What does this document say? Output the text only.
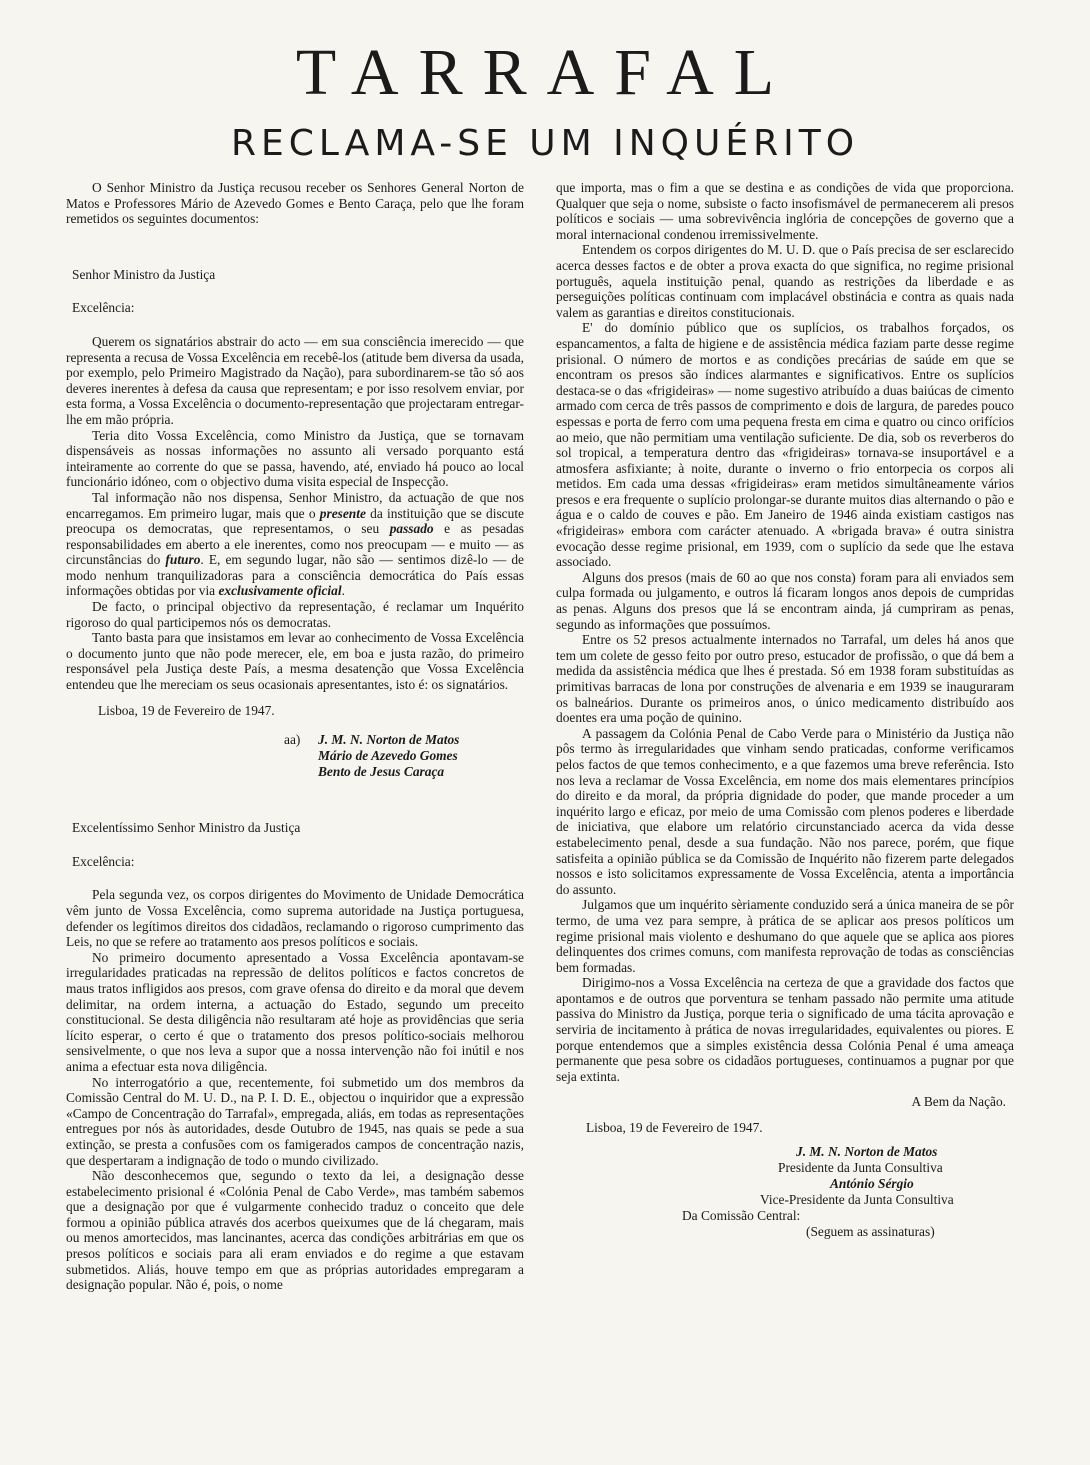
TARRAFAL
RECLAMA-SE UM INQUÉRITO

O Senhor Ministro da Justiça recusou receber os Senhores General Norton de Matos e Professores Mário de Azevedo Gomes e Bento Caraça, pelo que lhe foram remetidos os seguintes documentos:

Senhor Ministro da Justiça

Excelência:

Querem os signatários abstrair do acto — em sua consciência imerecido — que representa a recusa de Vossa Excelência em recebê-los (atitude bem diversa da usada, por exemplo, pelo Primeiro Magistrado da Nação), para subordinarem-se tão só aos deveres inerentes à defesa da causa que representam; e por isso resolvem enviar, por esta forma, a Vossa Excelência o documento-representação que projectaram entregar-lhe em mão própria.

Teria dito Vossa Excelência, como Ministro da Justiça, que se tornavam dispensáveis as nossas informações no assunto ali versado porquanto está inteiramente ao corrente do que se passa, havendo, até, enviado há pouco ao local funcionário idóneo, com o objectivo duma visita especial de Inspecção.

Tal informação não nos dispensa, Senhor Ministro, da actuação de que nos encarregamos. Em primeiro lugar, mais que o presente da instituição que se discute preocupa os democratas, que representamos, o seu passado e as pesadas responsabilidades em aberto a ele inerentes, como nos preocupam — e muito — as circunstâncias do futuro. E, em segundo lugar, não são — sentimos dizê-lo — de modo nenhum tranquilizadoras para a consciência democrática do País essas informações obtidas por via exclusivamente oficial.

De facto, o principal objectivo da representação, é reclamar um Inquérito rigoroso do qual participemos nós os democratas.

Tanto basta para que insistamos em levar ao conhecimento de Vossa Excelência o documento junto que não pode merecer, ele, em boa e justa razão, do primeiro responsável pela Justiça deste País, a mesma desatenção que Vossa Excelência entendeu que lhe mereciam os seus ocasionais apresentantes, isto é: os signatários.

Lisboa, 19 de Fevereiro de 1947.

aa)	J. M. N. Norton de Matos
Mário de Azevedo Gomes
Bento de Jesus Caraça

Excelentíssimo Senhor Ministro da Justiça

Excelência:

Pela segunda vez, os corpos dirigentes do Movimento de Unidade Democrática vêm junto de Vossa Excelência, como suprema autoridade na Justiça portuguesa, defender os legítimos direitos dos cidadãos, reclamando o rigoroso cumprimento das Leis, no que se refere ao tratamento aos presos políticos e sociais.

No primeiro documento apresentado a Vossa Excelência apontavam-se irregularidades praticadas na repressão de delitos políticos e factos concretos de maus tratos infligidos aos presos, com grave ofensa do direito e da moral que devem delimitar, na ordem interna, a actuação do Estado, segundo um preceito constitucional. Se desta diligência não resultaram até hoje as providências que seria lícito esperar, o certo é que o tratamento dos presos político-sociais melhorou sensivelmente, o que nos leva a supor que a nossa intervenção não foi inútil e nos anima a efectuar esta nova diligência.

No interrogatório a que, recentemente, foi submetido um dos membros da Comissão Central do M. U. D., na P. I. D. E., objectou o inquiridor que a expressão «Campo de Concentração do Tarrafal», empregada, aliás, em todas as representações entregues por nós às autoridades, desde Outubro de 1945, nas quais se pede a sua extinção, se presta a confusões com os famigerados campos de concentração nazis, que despertaram a indignação de todo o mundo civilizado.

Não desconhecemos que, segundo o texto da lei, a designação desse estabelecimento prisional é «Colónia Penal de Cabo Verde», mas também sabemos que a designação por que é vulgarmente conhecido traduz o conceito que dele formou a opinião pública através dos acerbos queixumes que de lá chegaram, mais ou menos amortecidos, mas lancinantes, acerca das condições arbitrárias em que os presos políticos e sociais para ali eram enviados e do regime a que estavam submetidos. Aliás, houve tempo em que as próprias autoridades empregaram a designação popular. Não é, pois, o nome

que importa, mas o fim a que se destina e as condições de vida que proporciona. Qualquer que seja o nome, subsiste o facto insofismável de permanecerem ali presos políticos e sociais — uma sobrevivência inglória de concepções de governo que a moral internacional condenou irremissivelmente.

Entendem os corpos dirigentes do M. U. D. que o País precisa de ser esclarecido acerca desses factos e de obter a prova exacta do que significa, no regime prisional português, aquela instituição penal, quando as restrições da liberdade e as perseguições políticas continuam com implacável obstinácia e contra as quais nada valem as garantias e direitos constitucionais.

E' do domínio público que os suplícios, os trabalhos forçados, os espancamentos, a falta de higiene e de assistência médica faziam parte desse regime prisional. O número de mortos e as condições precárias de saúde em que se encontram os presos são índices alarmantes e significativos. Entre os suplícios destaca-se o das «frigideiras» — nome sugestivo atribuído a duas baiúcas de cimento armado com cerca de três passos de comprimento e dois de largura, de paredes pouco espessas e porta de ferro com uma pequena fresta em cima e quatro ou cinco orifícios ao meio, que não permitiam uma ventilação suficiente. De dia, sob os reverberos do sol tropical, a temperatura dentro das «frigideiras» tornava-se insuportável e a atmosfera asfixiante; à noite, durante o inverno o frio entorpecia os corpos ali metidos. Em cada uma dessas «frigideiras» eram metidos simultâneamente vários presos e era frequente o suplício prolongar-se durante muitos dias alternando o pão e água e o caldo de couves e pão. Em Janeiro de 1946 ainda existiam castigos nas «frigideiras» embora com carácter atenuado. A «brigada brava» é outra sinistra evocação desse regime prisional, em 1939, com o suplício da sede que lhe estava associado.

Alguns dos presos (mais de 60 ao que nos consta) foram para ali enviados sem culpa formada ou julgamento, e outros lá ficaram longos anos depois de cumpridas as penas. Alguns dos presos que lá se encontram ainda, já cumpriram as penas, segundo as informações que possuímos.

Entre os 52 presos actualmente internados no Tarrafal, um deles há anos que tem um colete de gesso feito por outro preso, estucador de profissão, o que dá bem a medida da assistência médica que lhes é prestada. Só em 1938 foram substituídas as primitivas barracas de lona por construções de alvenaria e em 1939 se inauguraram os balneários. Durante os primeiros anos, o único medicamento distribuído aos doentes era uma poção de quinino.

A passagem da Colónia Penal de Cabo Verde para o Ministério da Justiça não pôs termo às irregularidades que vinham sendo praticadas, conforme verificamos pelos factos de que temos conhecimento, e a que fazemos uma breve referência. Isto nos leva a reclamar de Vossa Excelência, em nome dos mais elementares princípios do direito e da moral, da própria dignidade do poder, que mande proceder a um inquérito largo e eficaz, por meio de uma Comissão com plenos poderes e liberdade de iniciativa, que elabore um relatório circunstanciado acerca da vida desse estabelecimento penal, desde a sua fundação. Não nos parece, porém, que fique satisfeita a opinião pública se da Comissão de Inquérito não fizerem parte delegados nossos e isto solicitamos expressamente de Vossa Excelência, atenta a importância do assunto.

Julgamos que um inquérito sèriamente conduzido será a única maneira de se pôr termo, de uma vez para sempre, à prática de se aplicar aos presos políticos um regime prisional mais violento e deshumano do que aquele que se aplica aos piores delinquentes dos crimes comuns, com manifesta reprovação de todas as consciências bem formadas.

Dirigimo-nos a Vossa Excelência na certeza de que a gravidade dos factos que apontamos e de outros que porventura se tenham passado não permite uma atitude passiva do Ministro da Justiça, porque teria o significado de uma tácita aprovação e serviria de incitamento à prática de novas irregularidades, equivalentes ou piores. E porque entendemos que a simples existência dessa Colónia Penal é uma ameaça permanente que pesa sobre os cidadãos portugueses, continuamos a pugnar por que seja extinta.

A Bem da Nação.

Lisboa, 19 de Fevereiro de 1947.

J. M. N. Norton de Matos
Presidente da Junta Consultiva
António Sérgio
Vice-Presidente da Junta Consultiva
Da Comissão Central:
(Seguem as assinaturas)
